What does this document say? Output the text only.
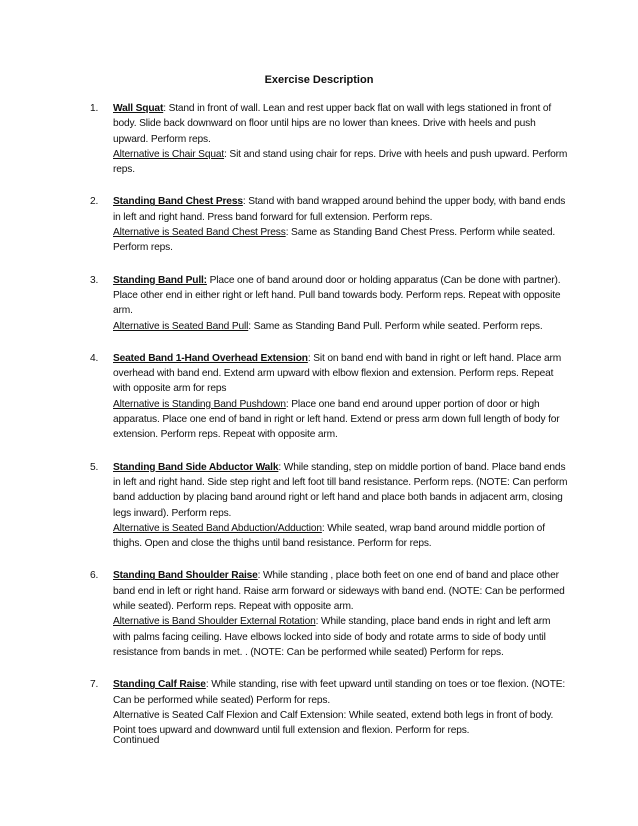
Exercise Description
1. Wall Squat: Stand in front of wall. Lean and rest upper back flat on wall with legs stationed in front of body. Slide back downward on floor until hips are no lower than knees. Drive with heels and push upward. Perform reps.
Alternative is Chair Squat: Sit and stand using chair for reps. Drive with heels and push upward. Perform reps.
2. Standing Band Chest Press: Stand with band wrapped around behind the upper body, with band ends in left and right hand. Press band forward for full extension. Perform reps.
Alternative is Seated Band Chest Press: Same as Standing Band Chest Press. Perform while seated. Perform reps.
3. Standing Band Pull: Place one of band around door or holding apparatus (Can be done with partner). Place other end in either right or left hand. Pull band towards body. Perform reps. Repeat with opposite arm.
Alternative is Seated Band Pull: Same as Standing Band Pull. Perform while seated. Perform reps.
4. Seated Band 1-Hand Overhead Extension: Sit on band end with band in right or left hand. Place arm overhead with band end. Extend arm upward with elbow flexion and extension. Perform reps. Repeat with opposite arm for reps
Alternative is Standing Band Pushdown: Place one band end around upper portion of door or high apparatus. Place one end of band in right or left hand. Extend or press arm down full length of body for extension. Perform reps. Repeat with opposite arm.
5. Standing Band Side Abductor Walk: While standing, step on middle portion of band. Place band ends in left and right hand. Side step right and left foot till band resistance. Perform reps. (NOTE: Can perform band adduction by placing band around right or left hand and place both bands in adjacent arm, closing legs inward). Perform reps.
Alternative is Seated Band Abduction/Adduction: While seated, wrap band around middle portion of thighs. Open and close the thighs until band resistance. Perform for reps.
6. Standing Band Shoulder Raise: While standing , place both feet on one end of band and place other band end in left or right hand. Raise arm forward or sideways with band end. (NOTE: Can be performed while seated). Perform reps. Repeat with opposite arm.
Alternative is Band Shoulder External Rotation: While standing, place band ends in right and left arm with palms facing ceiling. Have elbows locked into side of body and rotate arms to side of body until resistance from bands in met. . (NOTE: Can be performed while seated) Perform for reps.
7. Standing Calf Raise: While standing, rise with feet upward until standing on toes or toe flexion. (NOTE: Can be performed while seated) Perform for reps.
Alternative is Seated Calf Flexion and Calf Extension: While seated, extend both legs in front of body. Point toes upward and downward until full extension and flexion. Perform for reps.
Continued
